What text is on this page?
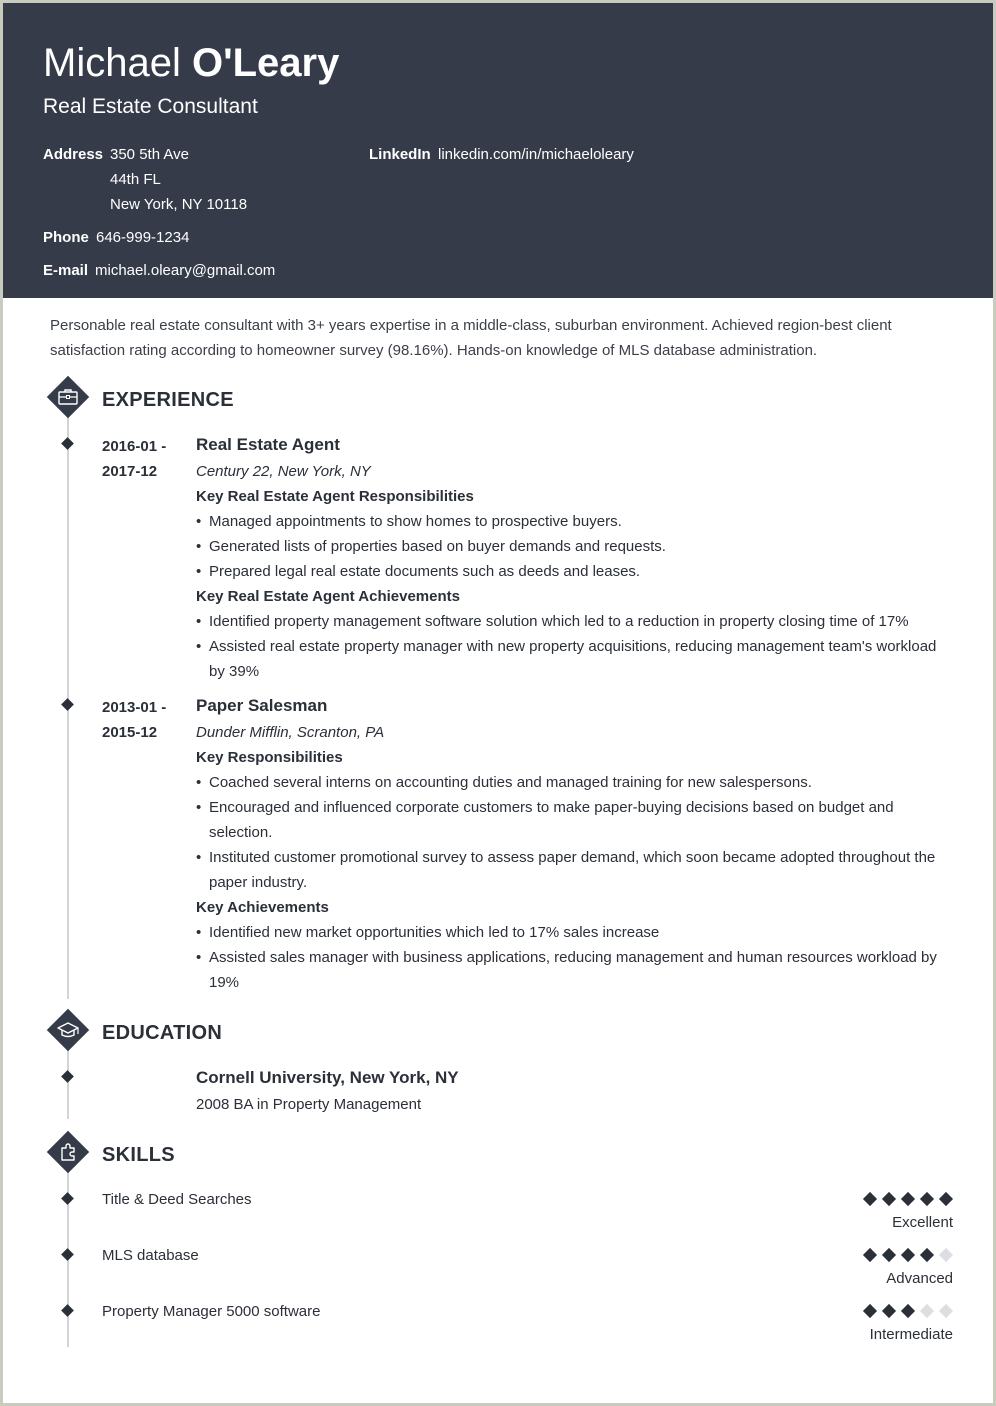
Michael O'Leary
Real Estate Consultant
Address 350 5th Ave
44th FL
New York, NY 10118
LinkedIn linkedin.com/in/michaeloleary
Phone 646-999-1234
E-mail michael.oleary@gmail.com
Personable real estate consultant with 3+ years expertise in a middle-class, suburban environment. Achieved region-best client satisfaction rating according to homeowner survey (98.16%). Hands-on knowledge of MLS database administration.
EXPERIENCE
2016-01 -
2017-12
Real Estate Agent
Century 22, New York, NY
Key Real Estate Agent Responsibilities
• Managed appointments to show homes to prospective buyers.
• Generated lists of properties based on buyer demands and requests.
• Prepared legal real estate documents such as deeds and leases.
Key Real Estate Agent Achievements
• Identified property management software solution which led to a reduction in property closing time of 17%
• Assisted real estate property manager with new property acquisitions, reducing management team's workload by 39%
2013-01 -
2015-12
Paper Salesman
Dunder Mifflin, Scranton, PA
Key Responsibilities
• Coached several interns on accounting duties and managed training for new salespersons.
• Encouraged and influenced corporate customers to make paper-buying decisions based on budget and selection.
• Instituted customer promotional survey to assess paper demand, which soon became adopted throughout the paper industry.
Key Achievements
• Identified new market opportunities which led to 17% sales increase
• Assisted sales manager with business applications, reducing management and human resources workload by 19%
EDUCATION
Cornell University, New York, NY
2008 BA in Property Management
SKILLS
Title & Deed Searches
Excellent
MLS database
Advanced
Property Manager 5000 software
Intermediate
